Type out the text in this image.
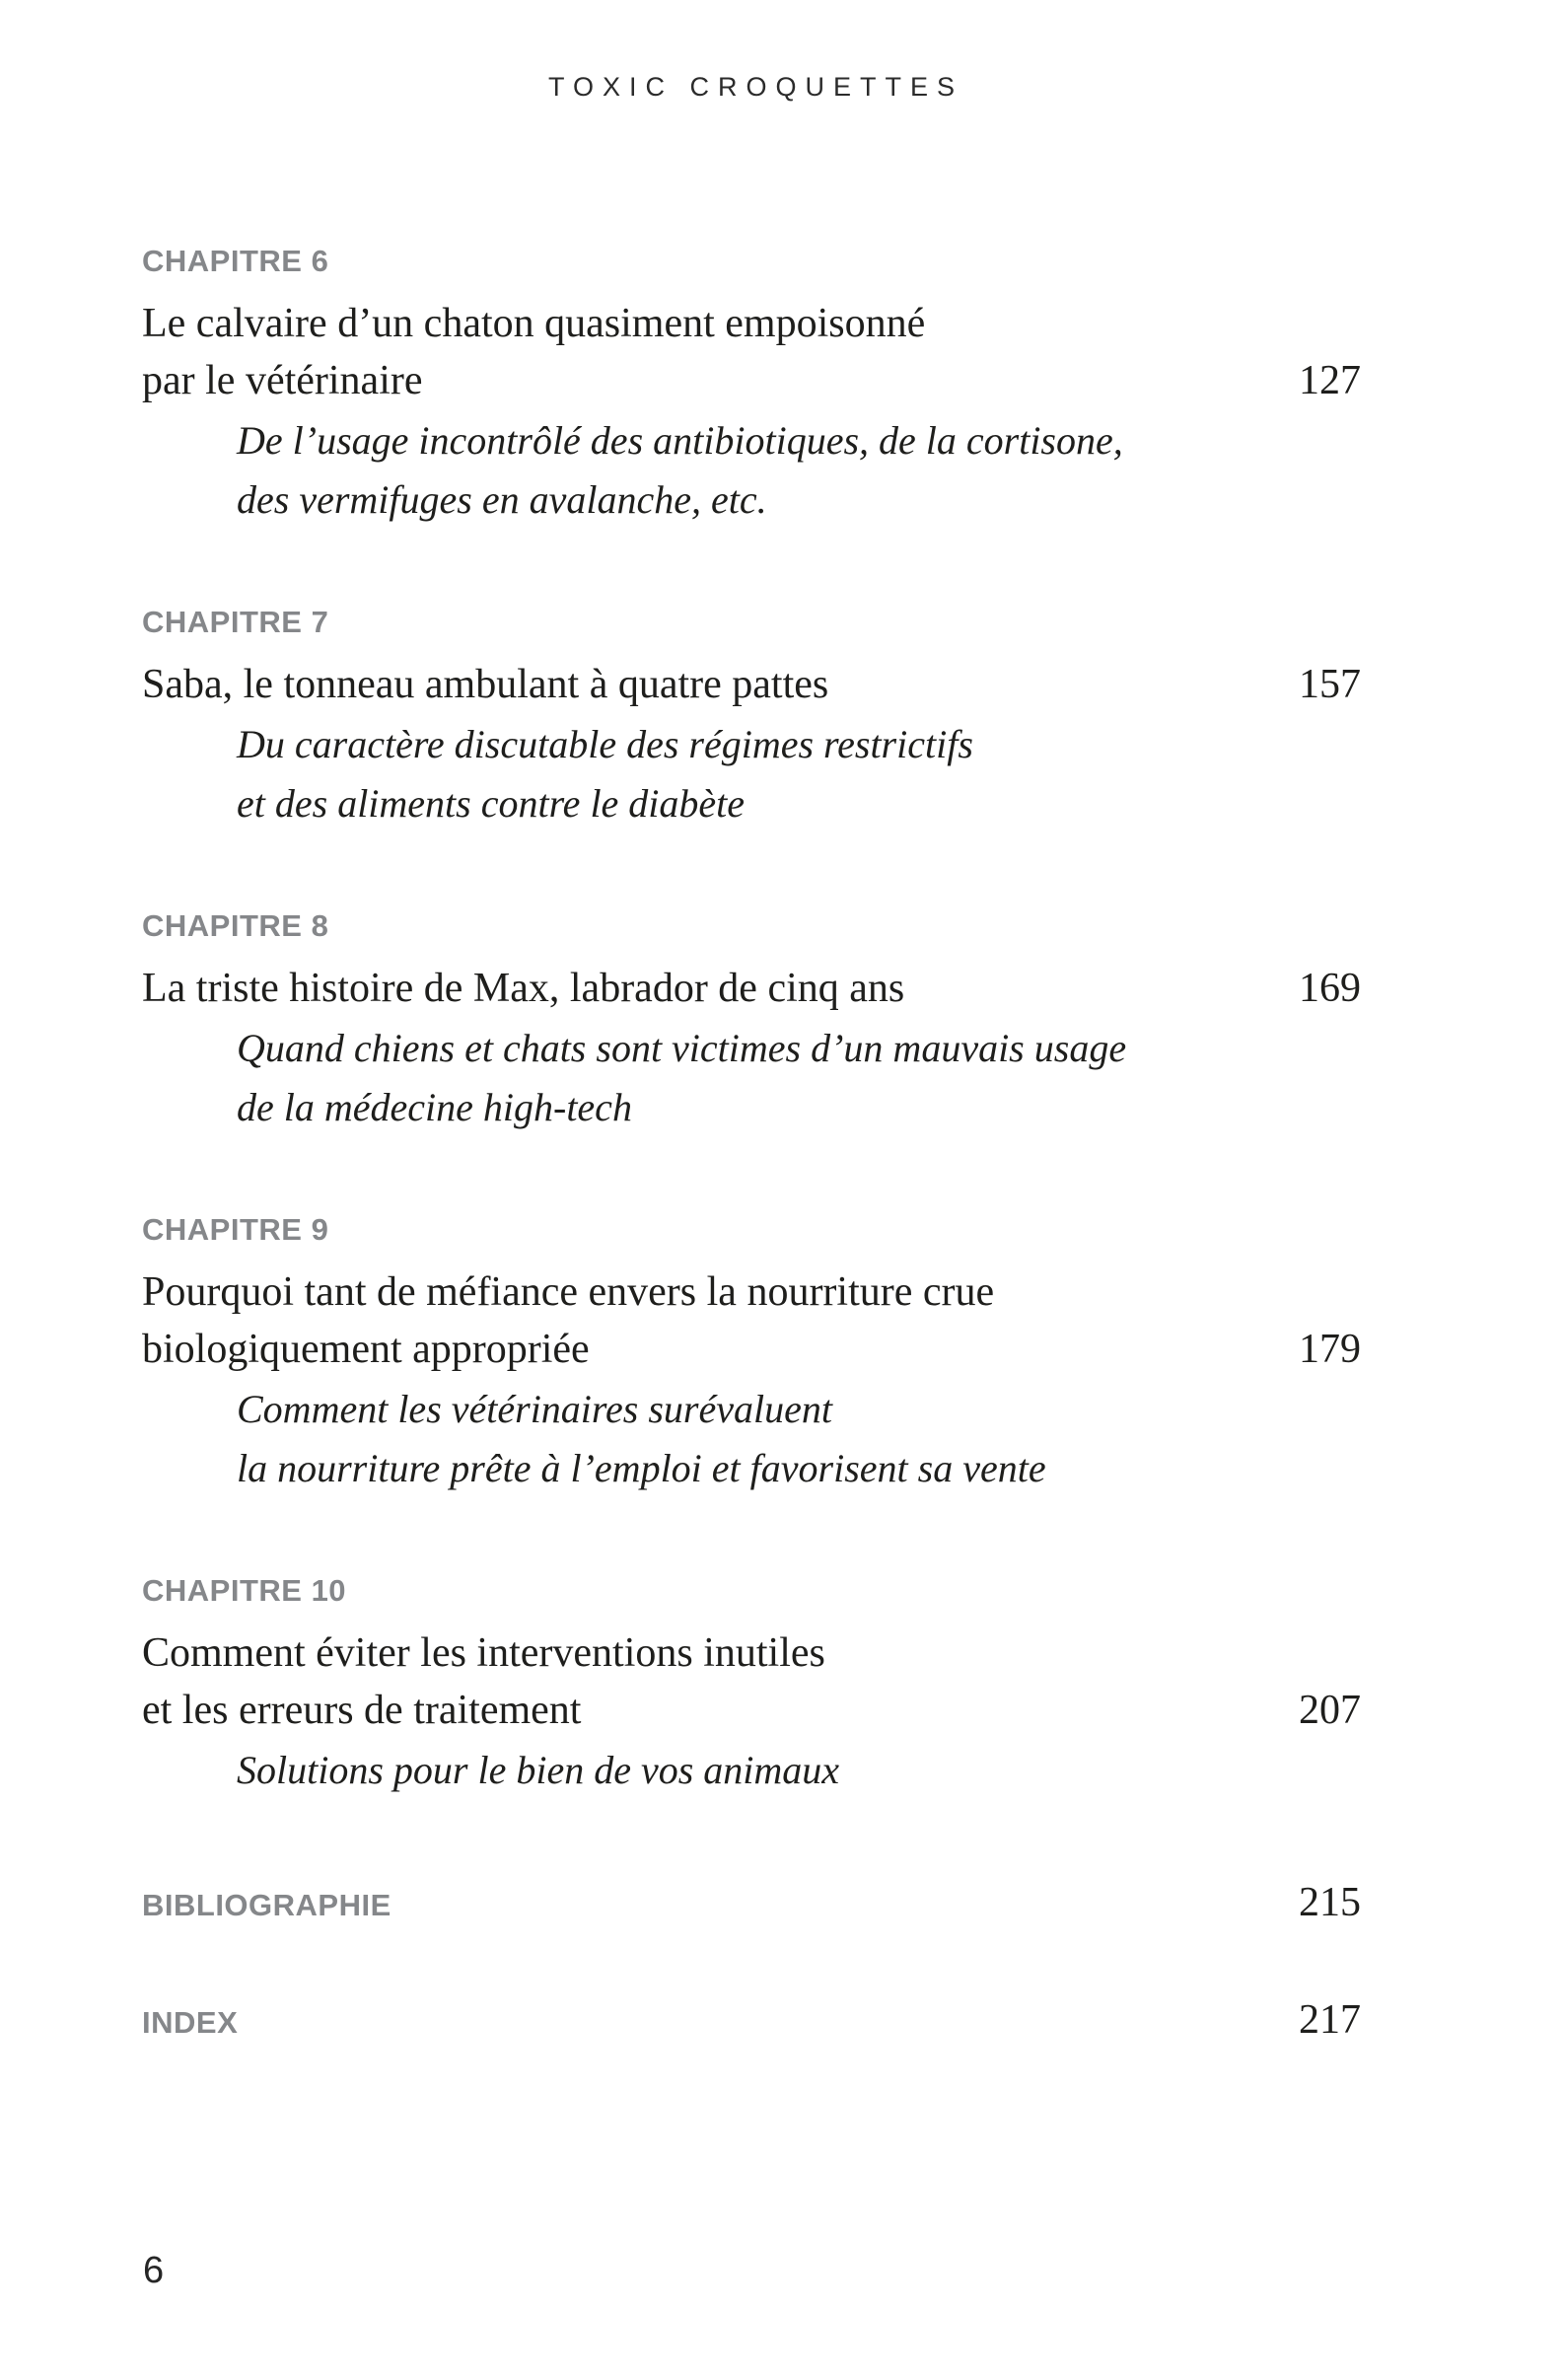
TOXIC CROQUETTES
CHAPITRE 6
Le calvaire d’un chaton quasiment empoisonné
par le vétérinaire	127
De l’usage incontrôlé des antibiotiques, de la cortisone,
des vermifuges en avalanche, etc.
CHAPITRE 7
Saba, le tonneau ambulant à quatre pattes	157
Du caractère discutable des régimes restrictifs
et des aliments contre le diabète
CHAPITRE 8
La triste histoire de Max, labrador de cinq ans	169
Quand chiens et chats sont victimes d’un mauvais usage
de la médecine high-tech
CHAPITRE 9
Pourquoi tant de méfiance envers la nourriture crue
biologiquement appropriée	179
Comment les vétérinaires surévaluent
la nourriture prête à l’emploi et favorisent sa vente
CHAPITRE 10
Comment éviter les interventions inutiles
et les erreurs de traitement	207
Solutions pour le bien de vos animaux
BIBLIOGRAPHIE	215
INDEX	217
6
